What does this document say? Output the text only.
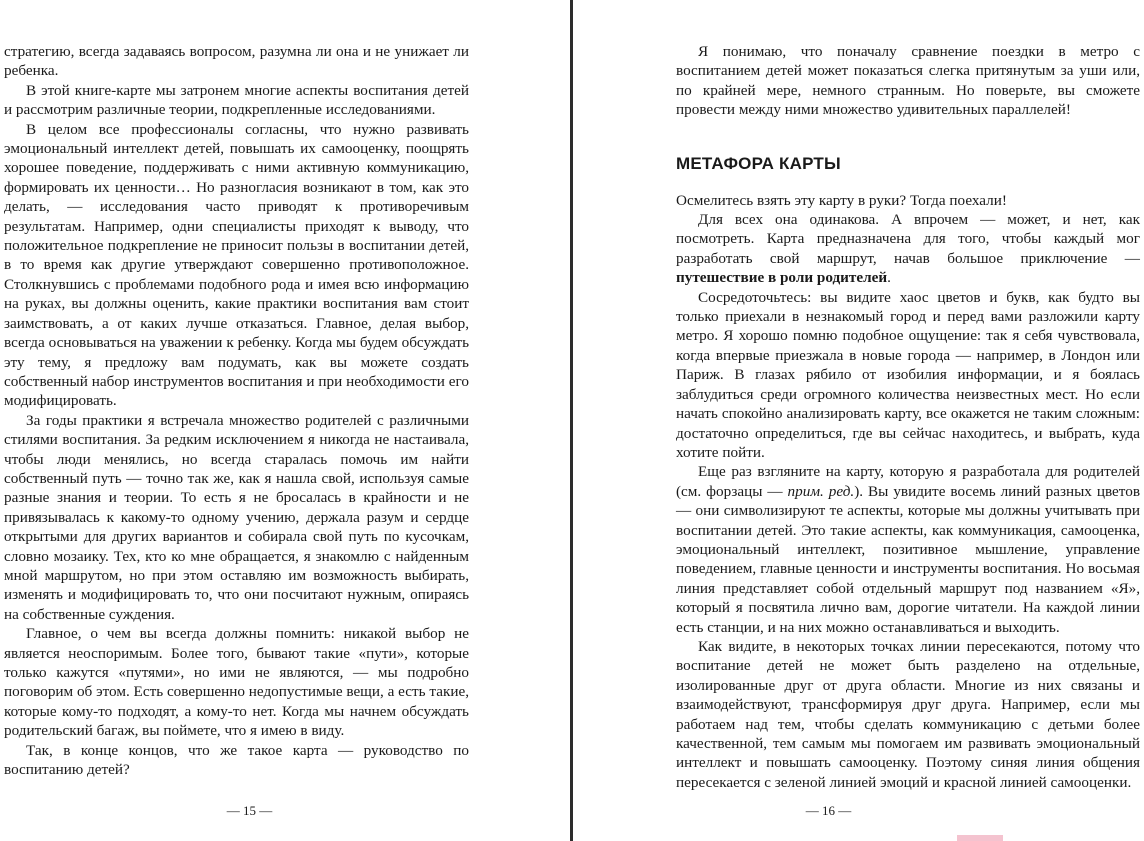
стратегию, всегда задаваясь вопросом, разумна ли она и не унижает ли ребенка.

В этой книге-карте мы затронем многие аспекты воспитания детей и рассмотрим различные теории, подкрепленные исследованиями.

В целом все профессионалы согласны, что нужно развивать эмоциональный интеллект детей, повышать их самооценку, поощрять хорошее поведение, поддерживать с ними активную коммуникацию, формировать их ценности… Но разногласия возникают в том, как это делать, — исследования часто приводят к противоречивым результатам. Например, одни специалисты приходят к выводу, что положительное подкрепление не приносит пользы в воспитании детей, в то время как другие утверждают совершенно противоположное. Столкнувшись с проблемами подобного рода и имея всю информацию на руках, вы должны оценить, какие практики воспитания вам стоит заимствовать, а от каких лучше отказаться. Главное, делая выбор, всегда основываться на уважении к ребенку. Когда мы будем обсуждать эту тему, я предложу вам подумать, как вы можете создать собственный набор инструментов воспитания и при необходимости его модифицировать.

За годы практики я встречала множество родителей с различными стилями воспитания. За редким исключением я никогда не настаивала, чтобы люди менялись, но всегда старалась помочь им найти собственный путь — точно так же, как я нашла свой, используя самые разные знания и теории. То есть я не бросалась в крайности и не привязывалась к какому-то одному учению, держала разум и сердце открытыми для других вариантов и собирала свой путь по кусочкам, словно мозаику. Тех, кто ко мне обращается, я знакомлю с найденным мной маршрутом, но при этом оставляю им возможность выбирать, изменять и модифицировать то, что они посчитают нужным, опираясь на собственные суждения.

Главное, о чем вы всегда должны помнить: никакой выбор не является неоспоримым. Более того, бывают такие «пути», которые только кажутся «путями», но ими не являются, — мы подробно поговорим об этом. Есть совершенно недопустимые вещи, а есть такие, которые кому-то подходят, а кому-то нет. Когда мы начнем обсуждать родительский багаж, вы поймете, что я имею в виду.

Так, в конце концов, что же такое карта — руководство по воспитанию детей?

— 15 —

Я понимаю, что поначалу сравнение поездки в метро с воспитанием детей может показаться слегка притянутым за уши или, по крайней мере, немного странным. Но поверьте, вы сможете провести между ними множество удивительных параллелей!

МЕТАФОРА КАРТЫ

Осмелитесь взять эту карту в руки? Тогда поехали!

Для всех она одинакова. А впрочем — может, и нет, как посмотреть. Карта предназначена для того, чтобы каждый мог разработать свой маршрут, начав большое приключение — путешествие в роли родителей.

Сосредоточьтесь: вы видите хаос цветов и букв, как будто вы только приехали в незнакомый город и перед вами разложили карту метро. Я хорошо помню подобное ощущение: так я себя чувствовала, когда впервые приезжала в новые города — например, в Лондон или Париж. В глазах рябило от изобилия информации, и я боялась заблудиться среди огромного количества неизвестных мест. Но если начать спокойно анализировать карту, все окажется не таким сложным: достаточно определиться, где вы сейчас находитесь, и выбрать, куда хотите пойти.

Еще раз взгляните на карту, которую я разработала для родителей (см. форзацы — прим. ред.). Вы увидите восемь линий разных цветов — они символизируют те аспекты, которые мы должны учитывать при воспитании детей. Это такие аспекты, как коммуникация, самооценка, эмоциональный интеллект, позитивное мышление, управление поведением, главные ценности и инструменты воспитания. Но восьмая линия представляет собой отдельный маршрут под названием «Я», который я посвятила лично вам, дорогие читатели. На каждой линии есть станции, и на них можно останавливаться и выходить.

Как видите, в некоторых точках линии пересекаются, потому что воспитание детей не может быть разделено на отдельные, изолированные друг от друга области. Многие из них связаны и взаимодействуют, трансформируя друг друга. Например, если мы работаем над тем, чтобы сделать коммуникацию с детьми более качественной, тем самым мы помогаем им развивать эмоциональный интеллект и повышать самооценку. Поэтому синяя линия общения пересекается с зеленой линией эмоций и красной линией самооценки.

— 16 —
